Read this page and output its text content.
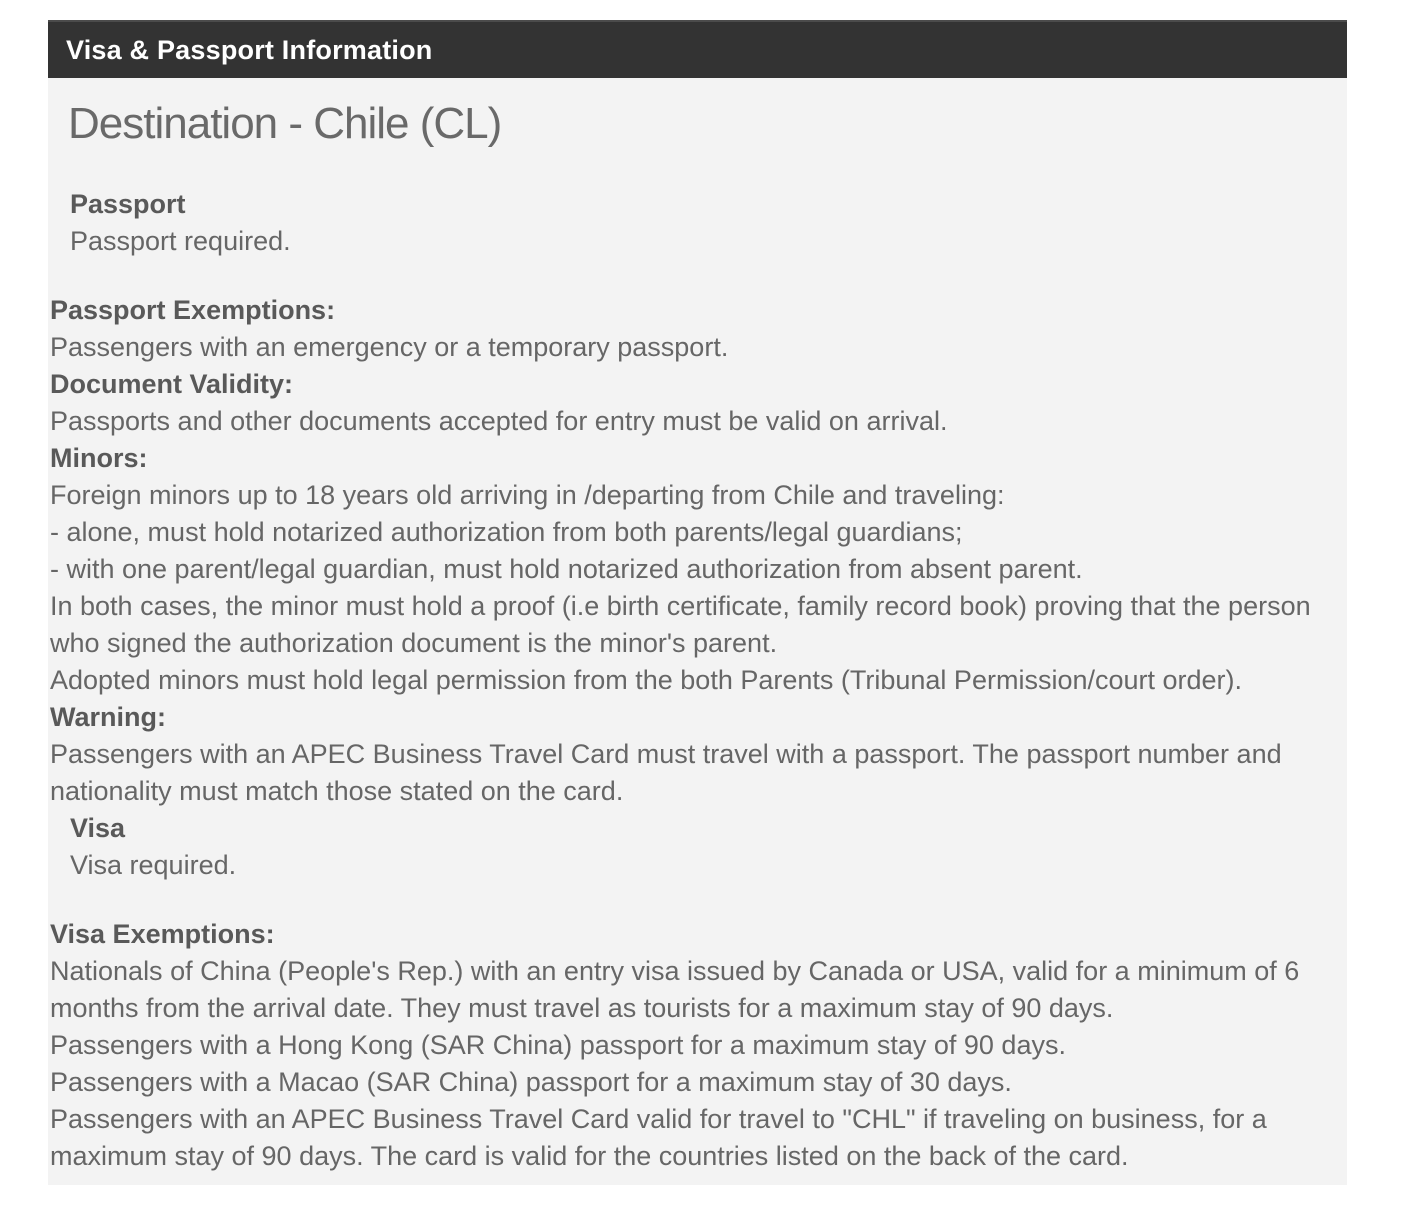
Visa & Passport Information
Destination - Chile (CL)
Passport
Passport required.
Passport Exemptions:
Passengers with an emergency or a temporary passport.
Document Validity:
Passports and other documents accepted for entry must be valid on arrival.
Minors:
Foreign minors up to 18 years old arriving in /departing from Chile and traveling:
- alone, must hold notarized authorization from both parents/legal guardians;
- with one parent/legal guardian, must hold notarized authorization from absent parent.
In both cases, the minor must hold a proof (i.e birth certificate, family record book) proving that the person who signed the authorization document is the minor's parent.
Adopted minors must hold legal permission from the both Parents (Tribunal Permission/court order).
Warning:
Passengers with an APEC Business Travel Card must travel with a passport. The passport number and nationality must match those stated on the card.
Visa
Visa required.
Visa Exemptions:
Nationals of China (People's Rep.) with an entry visa issued by Canada or USA, valid for a minimum of 6 months from the arrival date. They must travel as tourists for a maximum stay of 90 days.
Passengers with a Hong Kong (SAR China) passport for a maximum stay of 90 days.
Passengers with a Macao (SAR China) passport for a maximum stay of 30 days.
Passengers with an APEC Business Travel Card valid for travel to "CHL" if traveling on business, for a maximum stay of 90 days. The card is valid for the countries listed on the back of the card.
